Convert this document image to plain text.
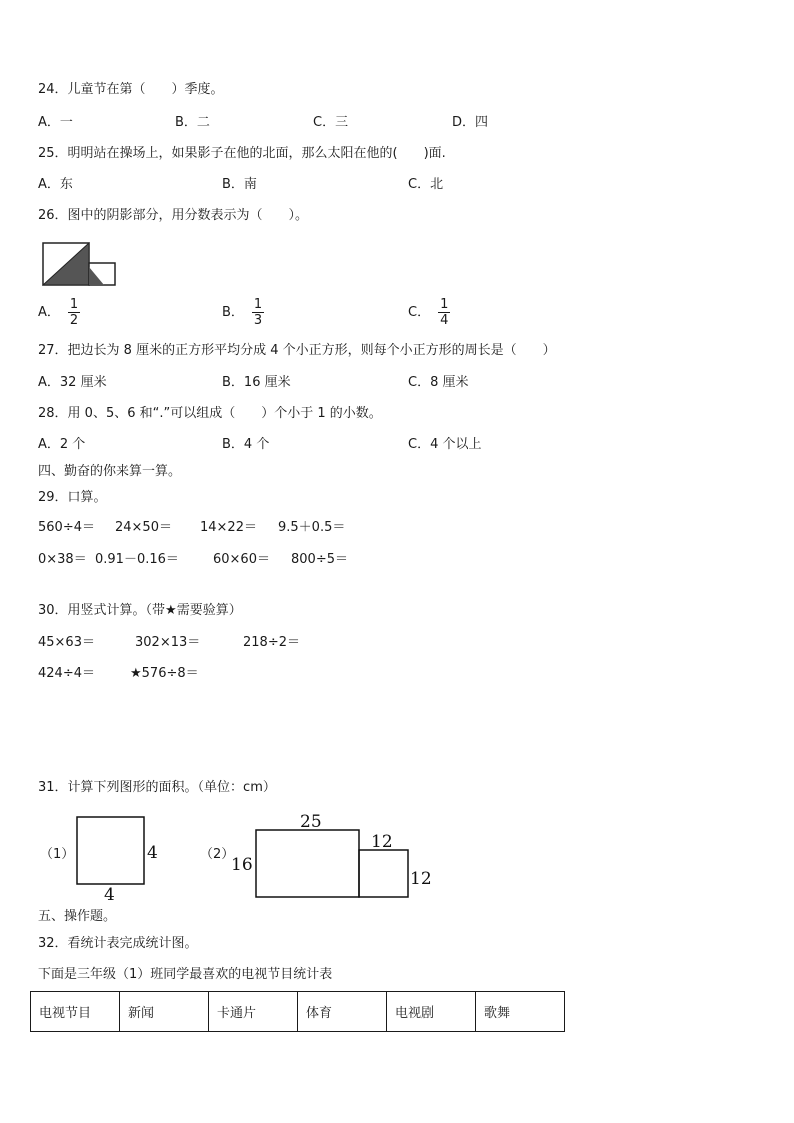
24．儿童节在第（　　）季度。
A．一	B．二	C．三	D．四
25．明明站在操场上，如果影子在他的北面，那么太阳在他的(　　)面.
A．东	B．南	C．北
26．图中的阴影部分，用分数表示为（　　）。
A． $\frac{1}{2}$	B． $\frac{1}{3}$	C． $\frac{1}{4}$
27．把边长为 8 厘米的正方形平均分成 4 个小正方形，则每个小正方形的周长是（　　）
A．32 厘米	B．16 厘米	C．8 厘米
28．用 0、5、6 和“.”可以组成（　　）个小于 1 的小数。
A．2 个	B．4 个	C．4 个以上
四、勤奋的你来算一算。
29．口算。
560÷4＝ 24×50＝ 14×22＝ 9.5＋0.5＝
0×38＝ 0.91－0.16＝	60×60＝ 800÷5＝
30．用竖式计算。（带★需要验算）
45×63＝	302×13＝	218÷2＝
424÷4＝	★576÷8＝
31．计算下列图形的面积。（单位：cm）
（1）	4
4
（2）
25
16
12
12
五、操作题。
32．看统计表完成统计图。
下面是三年级（1）班同学最喜欢的电视节目统计表
电视节目	新闻	卡通片	体育	电视剧	歌舞
